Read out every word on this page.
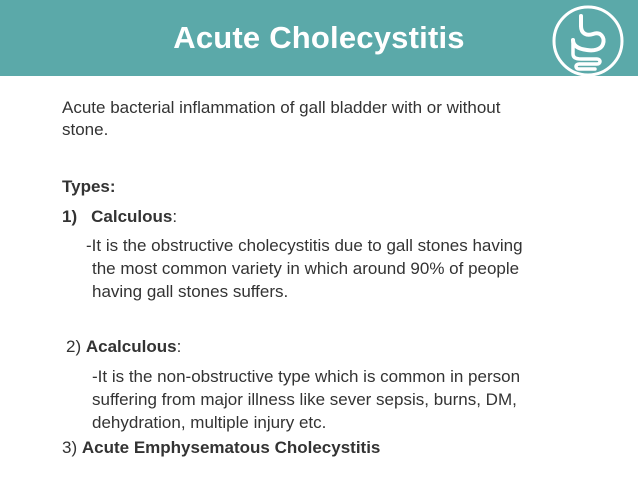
Acute Cholecystitis
Acute bacterial inflammation of gall bladder with or without
stone.
Types:
1) Calculous:
-It is the obstructive cholecystitis due to gall stones having
the most common variety in which around 90% of people
having gall stones suffers.
2) Acalculous:
-It is the non-obstructive type which is common in person
suffering from major illness like sever sepsis, burns, DM,
dehydration, multiple injury etc.
3) Acute Emphysematous Cholecystitis
